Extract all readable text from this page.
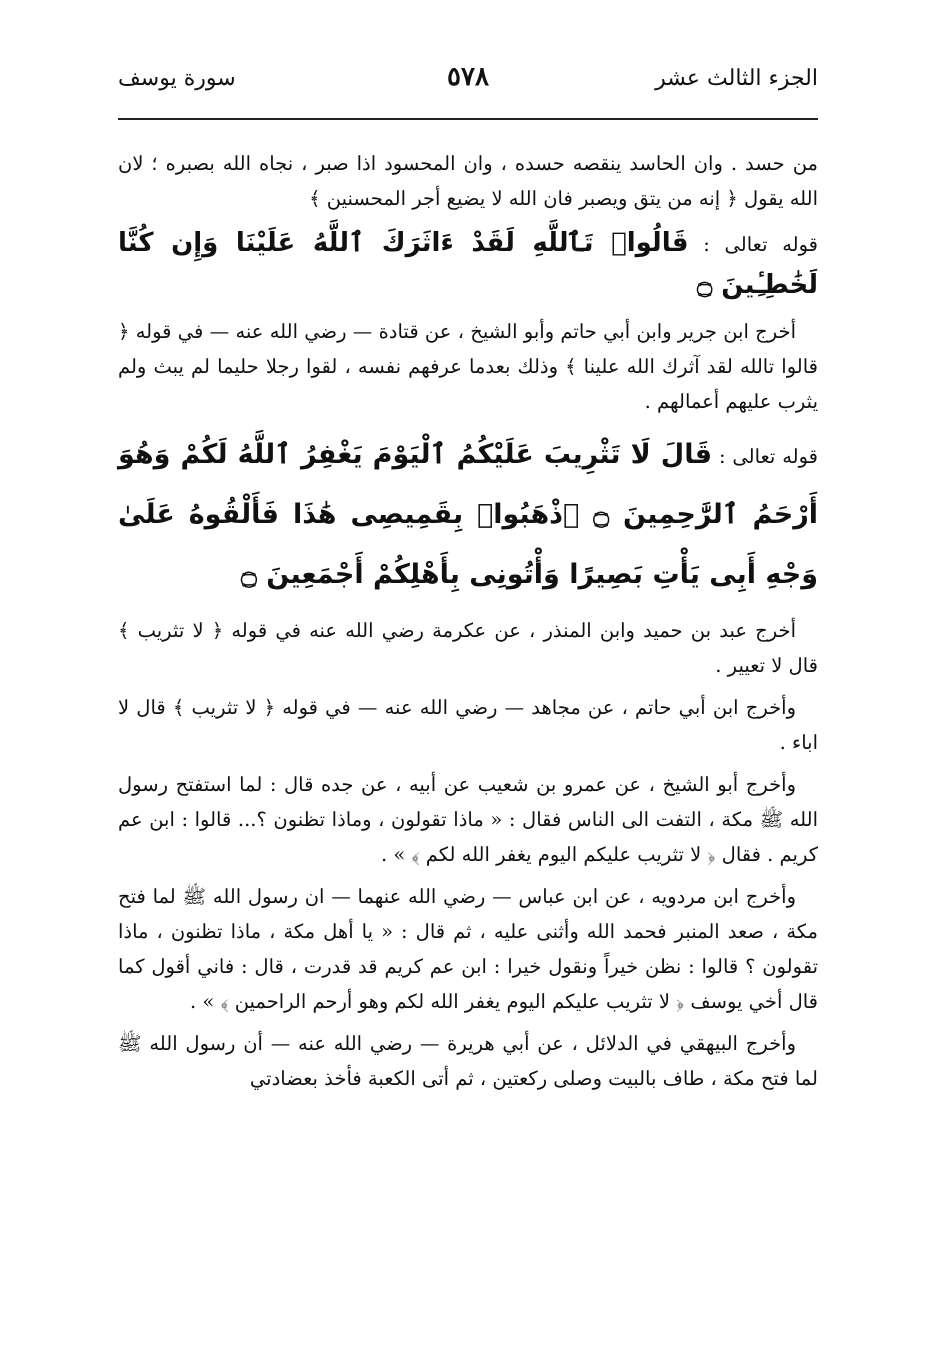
الجزء الثالث عشر
٥٧٨
سورة يوسف

من حسد . وان الحاسد ينقصه حسده ، وان المحسود اذا صبر ، نجاه الله بصبره ؛ لان الله يقول ﴿ إنه من يتق ويصبر فان الله لا يضيع أجر المحسنين ﴾

قوله تعالى : قَالُوا۟ تَٱللَّهِ لَقَدْ ءَاثَرَكَ ٱللَّهُ عَلَيْنَا وَإِن كُنَّا لَخَٰطِـِٔينَ ۝

أخرج ابن جرير وابن أبي حاتم وأبو الشيخ ، عن قتادة — رضي الله عنه — في قوله ﴿ قالوا تالله لقد آثرك الله علينا ﴾ وذلك بعدما عرفهم نفسه ، لقوا رجلا حليما لم يبث ولم يثرب عليهم أعمالهم .

قوله تعالى : قَالَ لَا تَثْرِيبَ عَلَيْكُمُ ٱلْيَوْمَ يَغْفِرُ ٱللَّهُ لَكُمْ وَهُوَ أَرْحَمُ ٱلرَّٰحِمِينَ ۝ ٱذْهَبُوا۟ بِقَمِيصِى هَٰذَا فَأَلْقُوهُ عَلَىٰ وَجْهِ أَبِى يَأْتِ بَصِيرًا وَأْتُونِى بِأَهْلِكُمْ أَجْمَعِينَ ۝

أخرج عبد بن حميد وابن المنذر ، عن عكرمة رضي الله عنه في قوله ﴿ لا تثريب ﴾ قال لا تعيير .

وأخرج ابن أبي حاتم ، عن مجاهد — رضي الله عنه — في قوله ﴿ لا تثريب ﴾ قال لا اباء .

وأخرج أبو الشيخ ، عن عمرو بن شعيب عن أبيه ، عن جده قال : لما استفتح رسول الله ﷺ مكة ، التفت الى الناس فقال : « ماذا تقولون ، وماذا تظنون ؟... قالوا : ابن عم كريم . فقال ﴿ لا تثريب عليكم اليوم يغفر الله لكم ﴾ » .

وأخرج ابن مردويه ، عن ابن عباس — رضي الله عنهما — ان رسول الله ﷺ لما فتح مكة ، صعد المنبر فحمد الله وأثنى عليه ، ثم قال : « يا أهل مكة ، ماذا تظنون ، ماذا تقولون ؟ قالوا : نظن خيراً ونقول خيرا : ابن عم كريم قد قدرت ، قال : فاني أقول كما قال أخي يوسف ﴿ لا تثريب عليكم اليوم يغفر الله لكم وهو أرحم الراحمين ﴾ » .

وأخرج البيهقي في الدلائل ، عن أبي هريرة — رضي الله عنه — أن رسول الله ﷺ لما فتح مكة ، طاف بالبيت وصلى ركعتين ، ثم أتى الكعبة فأخذ بعضادتي
